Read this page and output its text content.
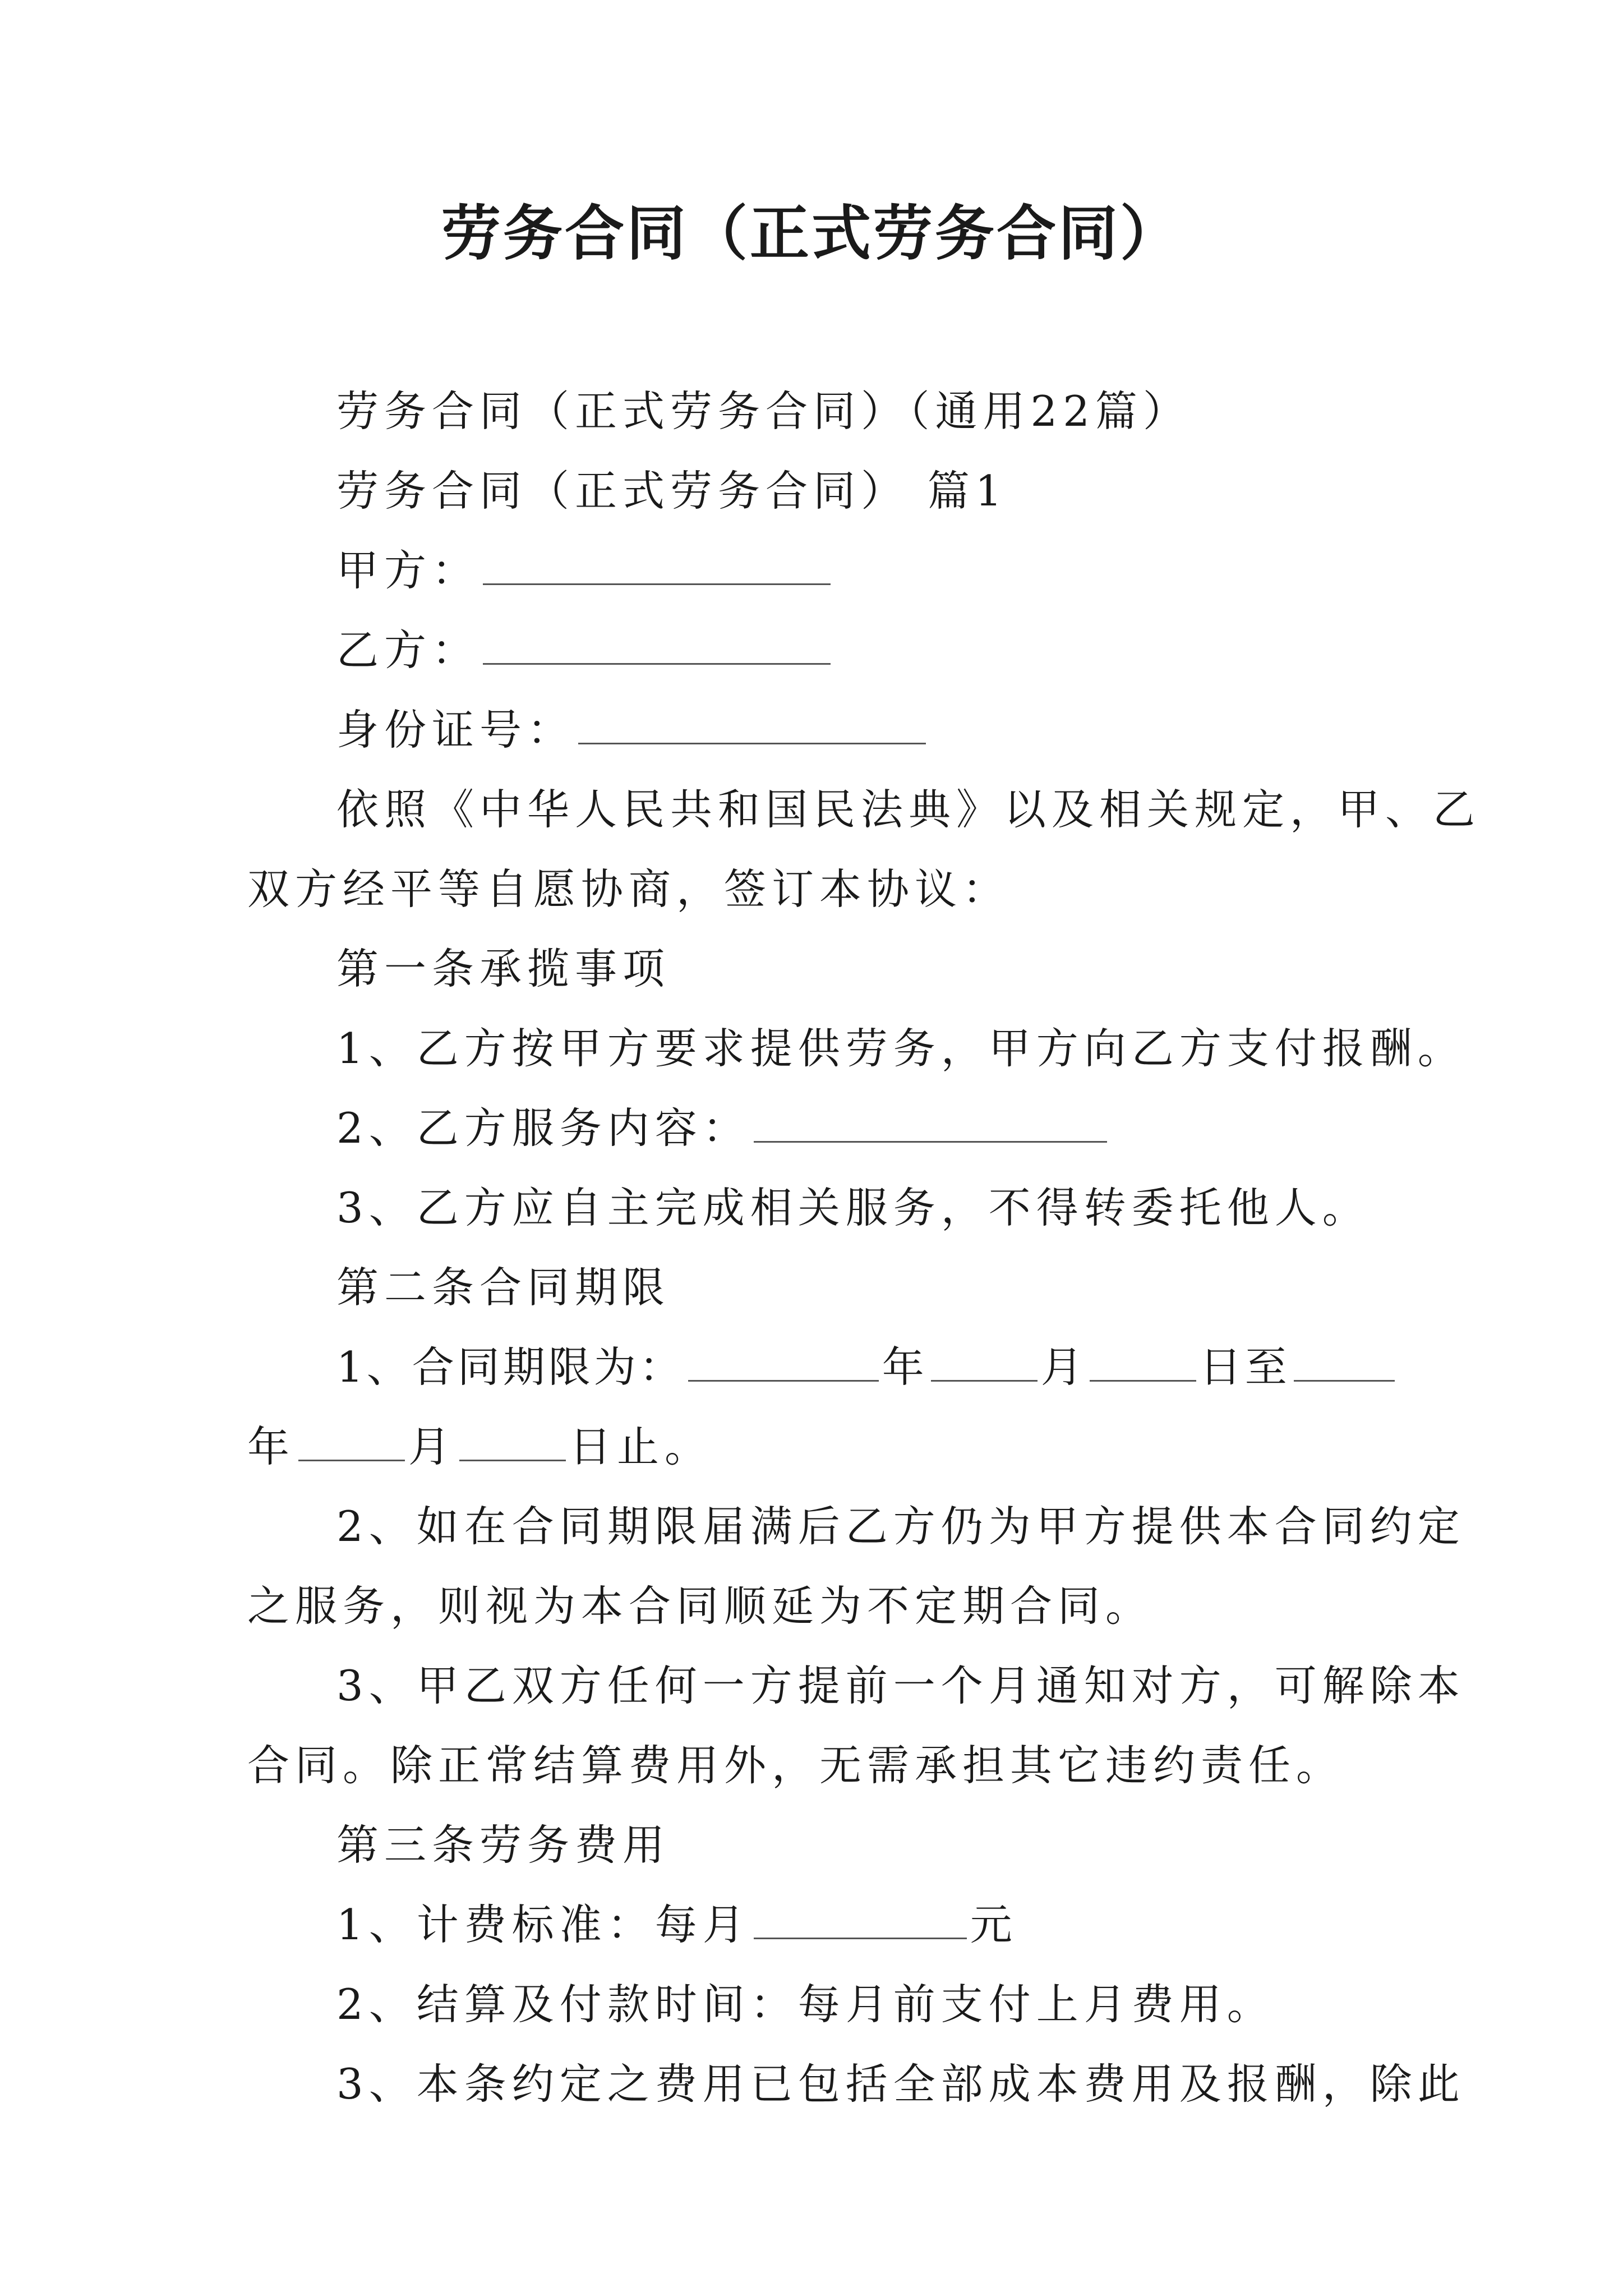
劳务合同（正式劳务合同）
劳务合同（正式劳务合同）（通用22篇）
劳务合同（正式劳务合同） 篇1
甲方：
乙方：
身份证号：
依照《中华人民共和国民法典》以及相关规定，甲、乙
双方经平等自愿协商，签订本协议：
第一条承揽事项
1、乙方按甲方要求提供劳务，甲方向乙方支付报酬。
2、乙方服务内容：
3、乙方应自主完成相关服务，不得转委托他人。
第二条合同期限
1、合同期限为：	年	月	日至
年	月	日止。
2、如在合同期限届满后乙方仍为甲方提供本合同约定
之服务，则视为本合同顺延为不定期合同。
3、甲乙双方任何一方提前一个月通知对方，可解除本
合同。除正常结算费用外，无需承担其它违约责任。
第三条劳务费用
1、计费标准：每月	元
2、结算及付款时间：每月前支付上月费用。
3、本条约定之费用已包括全部成本费用及报酬，除此
